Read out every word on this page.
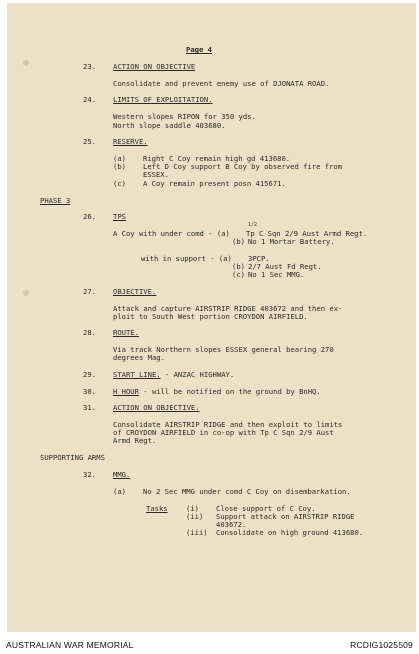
Page 4
23. ACTION ON OBJECTIVE
Consolidate and prevent enemy use of DJONATA ROAD.
24. LIMITS OF EXPLOITATION.
Western slopes RIPON for 350 yds.
North slope saddle 403680.
25. RESERVE.
(a) Right C Coy remain high gd 413680.
(b) Left D Coy support B Coy by observed fire from
ESSEX.
(c) A Coy remain present posn 415671.
PHASE 3
26. TPS
A Coy with under comd - (a)
1/2
Tp C Sqn 2/9 Aust Armd Regt.
(b) No 1 Mortar Battery.
with in support - (a) 3PCP.
(b) 2/7 Aust Fd Regt.
(c) No 1 Sec MMG.
27. OBJECTIVE.
Attack and capture AIRSTRIP RIDGE 403672 and then ex-
ploit to South West portion CROYDON AIRFIELD.
28. ROUTE.
Via track Northern slopes ESSEX general bearing 270
degrees Mag.
29. START LINE. - ANZAC HIGHWAY.
30. H HOUR - will be notified on the ground by BnHQ.
31. ACTION ON OBJECTIVE.
Consolidate AIRSTRIP RIDGE and then exploit to limits
of CROYDON AIRFIELD in co-op with Tp C Sqn 2/9 Aust
Armd Regt.
SUPPORTING ARMS
32. MMG.
(a) No 2 Sec MMG under comd C Coy on disembarkation.
Tasks	(i) Close support of C Coy.
(ii) Support attack on AIRSTRIP RIDGE
403672.
(iii) Consolidate on high ground 413680.
AUSTRALIAN WAR MEMORIAL	RCDIG1025509
